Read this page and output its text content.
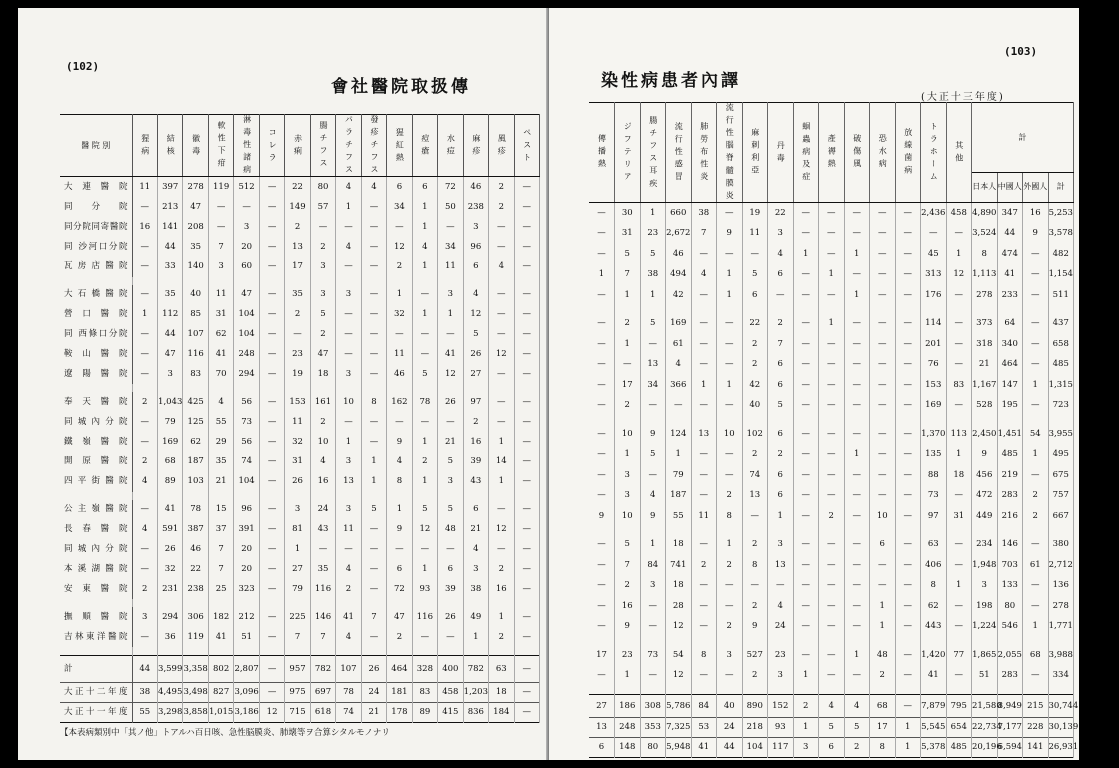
(102)
會社醫院取扱傳
醫 院 別	猩 病	結 核	徽 毒	軟 性 下 疳	淋 毒 性 諸 病	コ レ ラ	赤 痢	腸 チ フ ス	パ ラ チ フ ス	發 疹 チ フ ス	猩 紅 熱	痘 瘡	水 痘	麻 疹	風 疹	ペ ス ト
大 連 醫 院	11	397	278	119	512	—	22	80	4	4	6	6	72	46	2	—
同 分 院	—	213	47	—	—	—	149	57	1	—	34	1	50	238	2	—
同分院同寄醫院	16	141	208	—	3	—	2	—	—	—	—	1	—	3	—	—
同 沙河口分院	—	44	35	7	20	—	13	2	4	—	12	4	34	96	—	—
瓦 房 店 醫 院	—	33	140	3	60	—	17	3	—	—	2	1	11	6	4	—

大 石 橋 醫 院	—	35	40	11	47	—	35	3	3	—	1	—	3	4	—	—
營 口 醫 院	1	112	85	31	104	—	2	5	—	—	32	1	1	12	—	—
同 西條口分院	—	44	107	62	104	—	—	2	—	—	—	—	—	5	—	—
鞍 山 醫 院	—	47	116	41	248	—	23	47	—	—	11	—	41	26	12	—
遼 陽 醫 院	—	3	83	70	294	—	19	18	3	—	46	5	12	27	—	—

奉 天 醫 院	2	1,043	425	4	56	—	153	161	10	8	162	78	26	97	—	—
同 城 內 分 院	—	79	125	55	73	—	11	2	—	—	—	—	—	2	—	—
鐵 嶺 醫 院	—	169	62	29	56	—	32	10	1	—	9	1	21	16	1	—
開 原 醫 院	2	68	187	35	74	—	31	4	3	1	4	2	5	39	14	—
四 平 街 醫 院	4	89	103	21	104	—	26	16	13	1	8	1	3	43	1	—

公 主 嶺 醫 院	—	41	78	15	96	—	3	24	3	5	1	5	5	6	—	—
長 春 醫 院	4	591	387	37	391	—	81	43	11	—	9	12	48	21	12	—
同 城 內 分 院	—	26	46	7	20	—	1	—	—	—	—	—	—	4	—	—
本 溪 湖 醫 院	—	32	22	7	20	—	27	35	4	—	6	1	6	3	2	—
安 東 醫 院	2	231	238	25	323	—	79	116	2	—	72	93	39	38	16	—

撫 順 醫 院	3	294	306	182	212	—	225	146	41	7	47	116	26	49	1	—
吉林東洋醫院	—	36	119	41	51	—	7	7	4	—	2	—	—	1	2	—

計	44	3,599	3,358	802	2,807	—	957	782	107	26	464	328	400	782	63	—
大正十二年度	38	4,495	3,498	827	3,096	—	975	697	78	24	181	83	458	1,203	18	—
大正十一年度	55	3,298	3,858	1,015	3,186	12	715	618	74	21	178	89	415	836	184	—
【本表病類別中「其ノ他」トアルハ百日咳、急性脳膜炎、肺壊等ヲ合算シタルモノナリ
(103)
染性病患者內譯
(大正十三年度)
傳 播 熱	ジ フ テ リ ア	腸 チ フ ス 耳 疾	流 行 性 感 冒	肺 勞 布 性 炎	流 行 性 腦 脊 髓 膜 炎	麻 刺 利 亞	丹 毒	蛔 蟲 病 及 症	產 褥 熱	破 傷 風	恐 水 病	放 線 菌 病	ト ラ ホ ー ム	其 他	計			
															日本人	中國人	外國人	計
—	30	1	660	38	—	19	22	—	—	—	—	—	2,436	458	4,890	347	16	5,253
—	31	23	2,672	7	9	11	3	—	—	—	—	—	—	—	3,524	44	9	3,578
—	5	5	46	—	—	—	4	1	—	1	—	—	45	1	8	474	—	482
1	7	38	494	4	1	5	6	—	1	—	—	—	313	12	1,113	41	—	1,154
—	1	1	42	—	1	6	—	—	—	1	—	—	176	—	278	233	—	511

—	2	5	169	—	—	22	2	—	1	—	—	—	114	—	373	64	—	437
—	1	—	61	—	—	2	7	—	—	—	—	—	201	—	318	340	—	658
—	—	13	4	—	—	2	6	—	—	—	—	—	76	—	21	464	—	485
—	17	34	366	1	1	42	6	—	—	—	—	—	153	83	1,167	147	1	1,315
—	2	—	—	—	—	40	5	—	—	—	—	—	169	—	528	195	—	723

—	10	9	124	13	10	102	6	—	—	—	—	—	1,370	113	2,450	1,451	54	3,955
—	1	5	1	—	—	2	2	—	—	1	—	—	135	1	9	485	1	495
—	3	—	79	—	—	74	6	—	—	—	—	—	88	18	456	219	—	675
—	3	4	187	—	2	13	6	—	—	—	—	—	73	—	472	283	2	757
9	10	9	55	11	8	—	1	—	2	—	10	—	97	31	449	216	2	667

—	5	1	18	—	1	2	3	—	—	—	6	—	63	—	234	146	—	380
—	7	84	741	2	2	8	13	—	—	—	—	—	406	—	1,948	703	61	2,712
—	2	3	18	—	—	—	—	—	—	—	—	—	8	1	3	133	—	136
—	16	—	28	—	—	2	4	—	—	—	1	—	62	—	198	80	—	278
—	9	—	12	—	2	9	24	—	—	—	1	—	443	—	1,224	546	1	1,771

17	23	73	54	8	3	527	23	—	—	1	48	—	1,420	77	1,865	2,055	68	3,988
—	1	—	12	—	—	2	3	1	—	—	2	—	41	—	51	283	—	334

27	186	308	5,786	84	40	890	152	2	4	4	68	—	7,879	795	21,580	8,949	215	30,744
13	248	353	7,325	53	24	218	93	1	5	5	17	1	5,545	654	22,734	7,177	228	30,139
6	148	80	5,948	41	44	104	117	3	6	2	8	1	5,378	485	20,196	6,594	141	26,931
